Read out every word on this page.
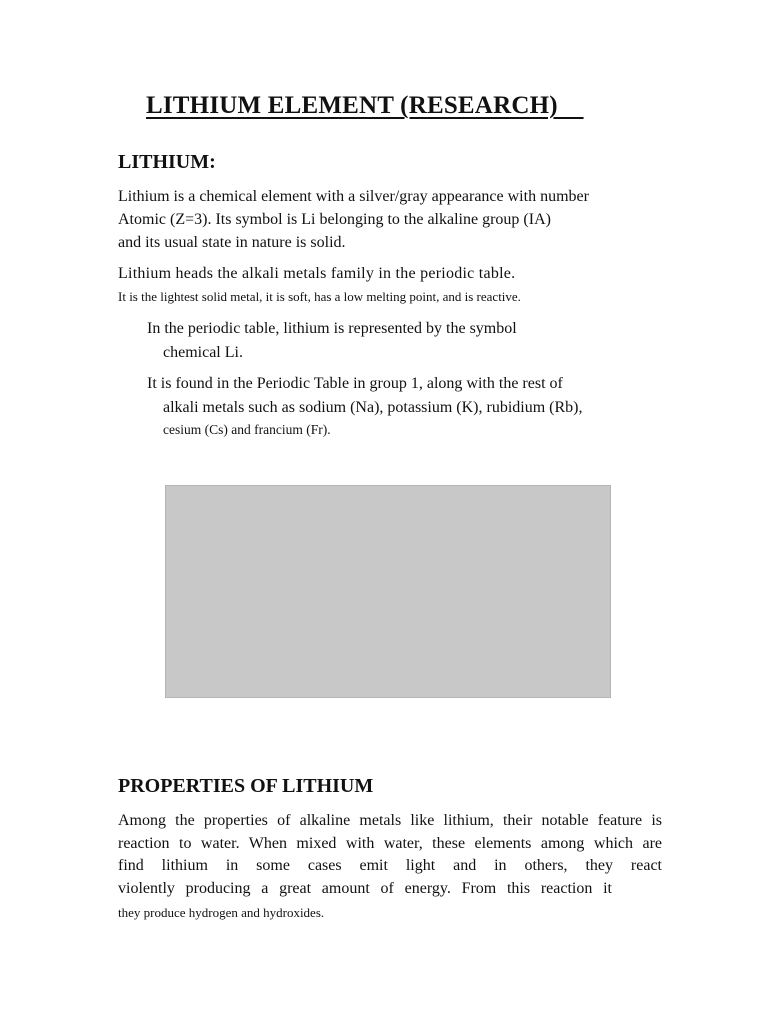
LITHIUM ELEMENT (RESEARCH)
LITHIUM:
Lithium is a chemical element with a silver/gray appearance with number
Atomic (Z=3). Its symbol is Li belonging to the alkaline group (IA)
and its usual state in nature is solid.
Lithium heads the alkali metals family in the periodic table.
It is the lightest solid metal, it is soft, has a low melting point, and is reactive.
In the periodic table, lithium is represented by the symbol
chemical Li.
It is found in the Periodic Table in group 1, along with the rest of
alkali metals such as sodium (Na), potassium (K), rubidium (Rb),
cesium (Cs) and francium (Fr).
PROPERTIES OF LITHIUM
Among the properties of alkaline metals like lithium, their notable feature is
reaction to water. When mixed with water, these elements among which are
find lithium in some cases emit light and in others, they react
violently producing a great amount of energy. From this reaction it
they produce hydrogen and hydroxides.
